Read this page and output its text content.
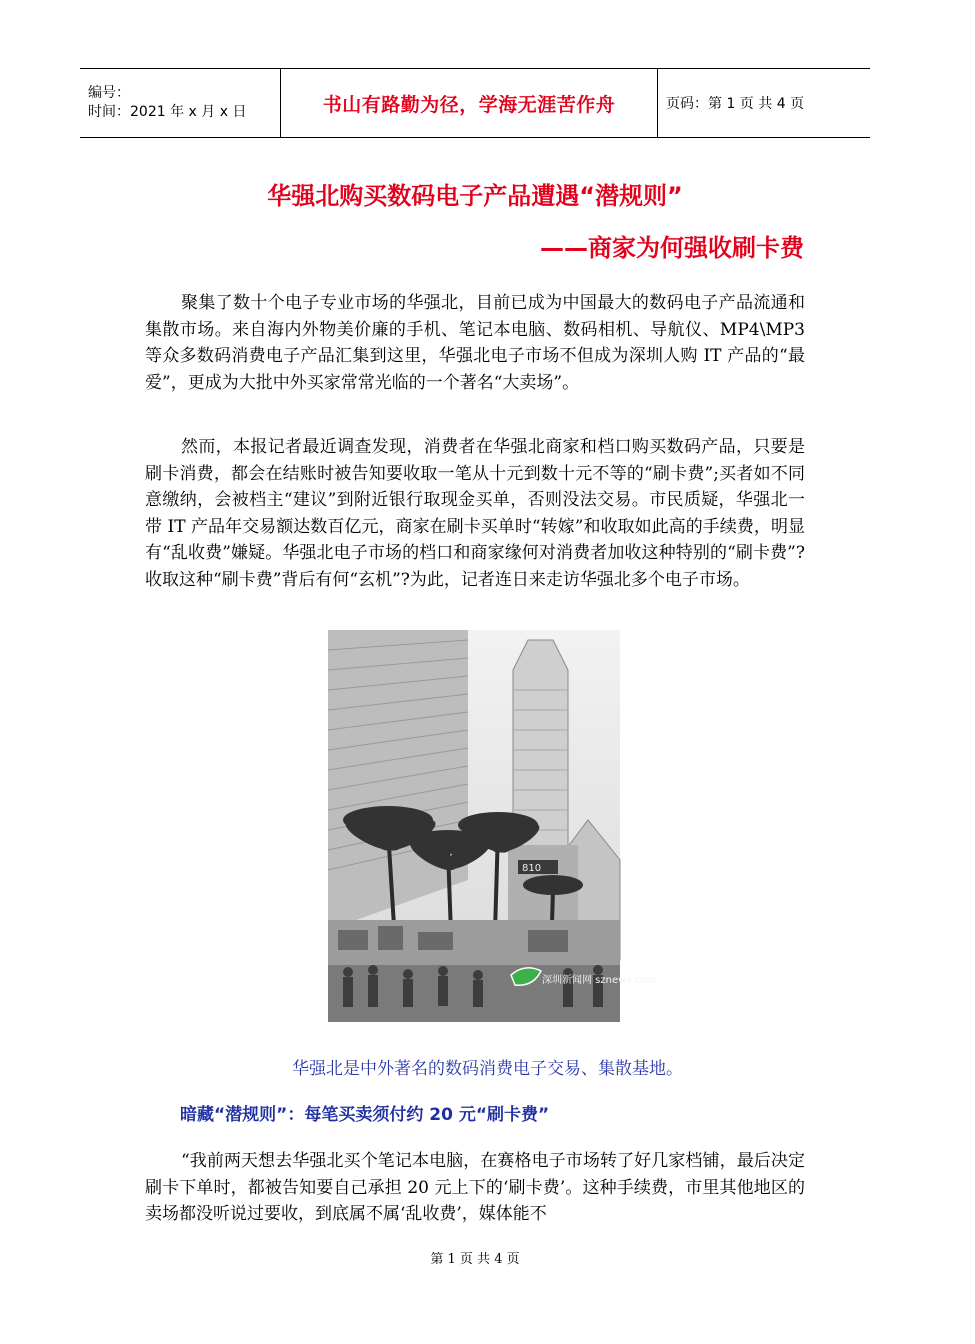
编号：
时间：2021 年 x 月 x 日	书山有路勤为径，学海无涯苦作舟	页码：第 1 页 共 4 页
华强北购买数码电子产品遭遇“潜规则”
——商家为何强收刷卡费

聚集了数十个电子专业市场的华强北，目前已成为中国最大的数码电子产品流通和集散市场。来自海内外物美价廉的手机、笔记本电脑、数码相机、导航仪、MP4\MP3 等众多数码消费电子产品汇集到这里，华强北电子市场不但成为深圳人购 IT 产品的“最爱”，更成为大批中外买家常常光临的一个著名“大卖场”。

然而，本报记者最近调查发现，消费者在华强北商家和档口购买数码产品，只要是刷卡消费，都会在结账时被告知要收取一笔从十元到数十元不等的“刷卡费”;买者如不同意缴纳，会被档主“建议”到附近银行取现金买单，否则没法交易。市民质疑，华强北一带 IT 产品年交易额达数百亿元，商家在刷卡买单时“转嫁”和收取如此高的手续费，明显有“乱收费”嫌疑。华强北电子市场的档口和商家缘何对消费者加收这种特别的“刷卡费”?收取这种“刷卡费”背后有何“玄机”?为此，记者连日来走访华强北多个电子市场。

810
深圳新闻网 sznews.com
华强北是中外著名的数码消费电子交易、集散基地。
暗藏“潜规则”：每笔买卖须付约 20 元“刷卡费”

“我前两天想去华强北买个笔记本电脑，在赛格电子市场转了好几家档铺，最后决定刷卡下单时，都被告知要自己承担 20 元上下的‘刷卡费’。这种手续费，市里其他地区的卖场都没听说过要收，到底属不属‘乱收费’，媒体能不

第 1 页 共 4 页
